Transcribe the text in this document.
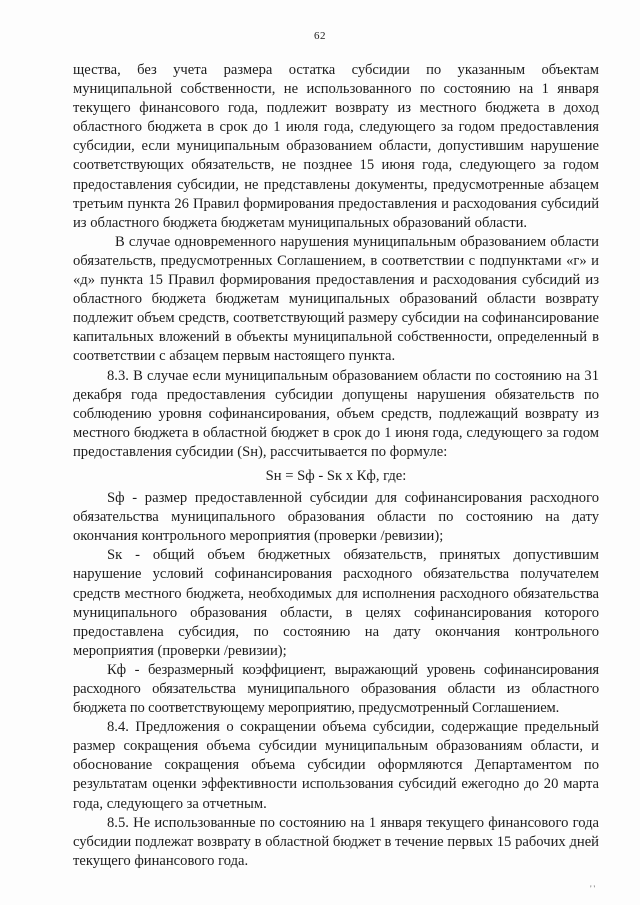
62

щества, без учета размера остатка субсидии по указанным объектам муниципальной собственности, не использованного по состоянию на 1 января текущего финансового года, подлежит возврату из местного бюджета в доход областного бюджета в срок до 1 июля года, следующего за годом предоставления субсидии, если муниципальным образованием области, допустившим нарушение соответствующих обязательств, не позднее 15 июня года, следующего за годом предоставления субсидии, не представлены документы, предусмотренные абзацем третьим пункта 26 Правил формирования предоставления и расходования субсидий из областного бюджета бюджетам муниципальных образований области.

В случае одновременного нарушения муниципальным образованием области обязательств, предусмотренных Соглашением, в соответствии с подпунктами «г» и «д» пункта 15 Правил формирования предоставления и расходования субсидий из областного бюджета бюджетам муниципальных образований области возврату подлежит объем средств, соответствующий размеру субсидии на софинансирование капитальных вложений в объекты муниципальной собственности, определенный в соответствии с абзацем первым настоящего пункта.

8.3. В случае если муниципальным образованием области по состоянию на 31 декабря года предоставления субсидии допущены нарушения обязательств по соблюдению уровня софинансирования, объем средств, подлежащий возврату из местного бюджета в областной бюджет в срок до 1 июня года, следующего за годом предоставления субсидии (Sн), рассчитывается по формуле:

Sн = Sф - Sк х Кф, где:

Sф - размер предоставленной субсидии для софинансирования расходного обязательства муниципального образования области по состоянию на дату окончания контрольного мероприятия (проверки /ревизии);

Sк - общий объем бюджетных обязательств, принятых допустившим нарушение условий софинансирования расходного обязательства получателем средств местного бюджета, необходимых для исполнения расходного обязательства муниципального образования области, в целях софинансирования которого предоставлена субсидия, по состоянию на дату окончания контрольного мероприятия (проверки /ревизии);

Кф - безразмерный коэффициент, выражающий уровень софинансирования расходного обязательства муниципального образования области из областного бюджета по соответствующему мероприятию, предусмотренный Соглашением.

8.4. Предложения о сокращении объема субсидии, содержащие предельный размер сокращения объема субсидии муниципальным образованиям области, и обоснование сокращения объема субсидии оформляются Департаментом по результатам оценки эффективности использования субсидий ежегодно до 20 марта года, следующего за отчетным.

8.5. Не использованные по состоянию на 1 января текущего финансового года субсидии подлежат возврату в областной бюджет в течение первых 15 рабочих дней текущего финансового года.

' '
